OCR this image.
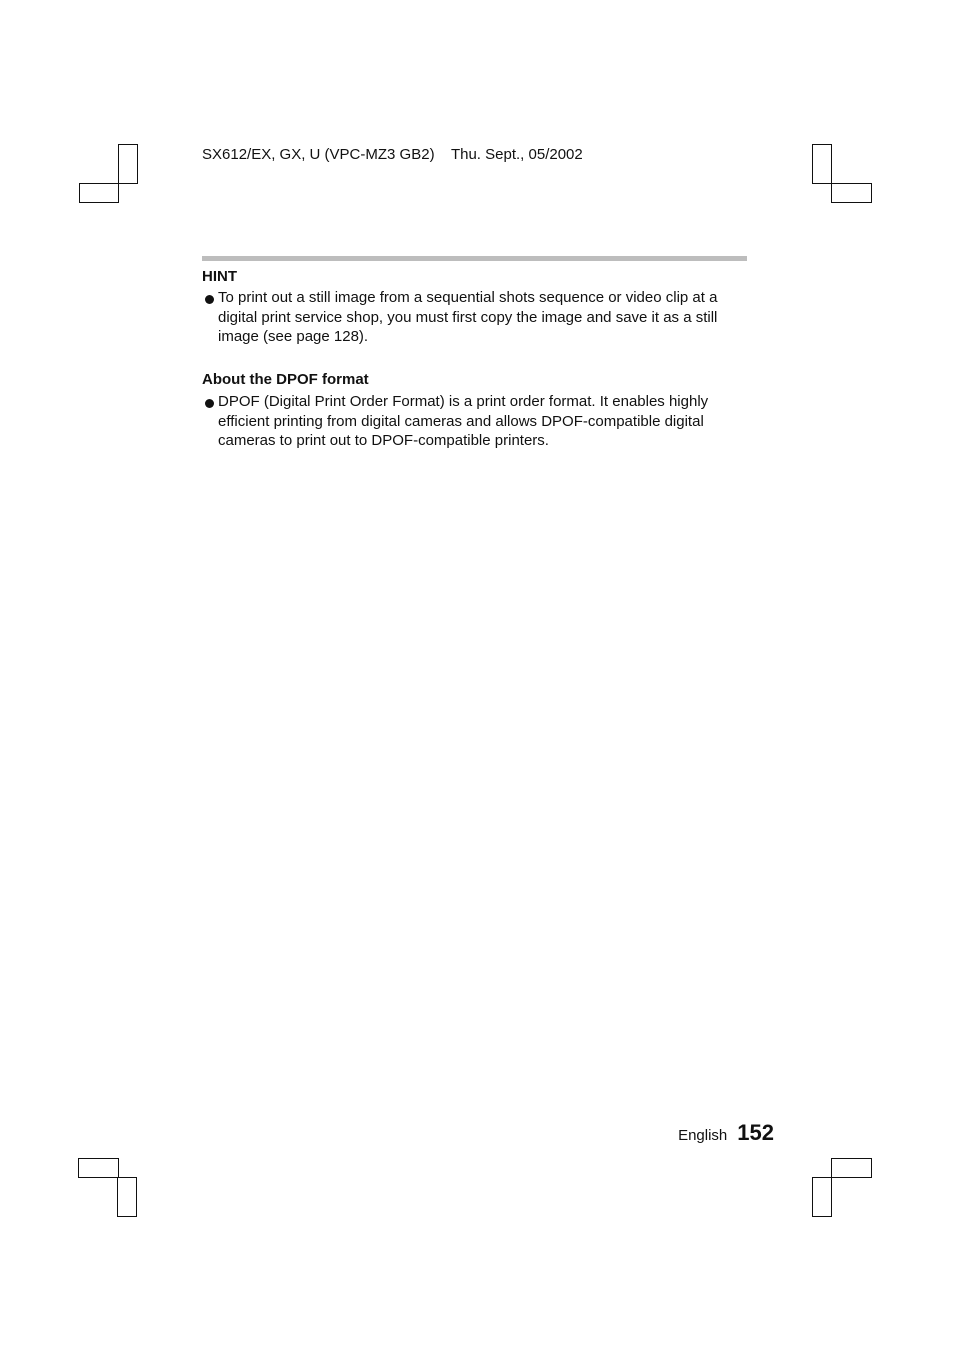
SX612/EX, GX, U (VPC-MZ3 GB2)    Thu. Sept., 05/2002
HINT
To print out a still image from a sequential shots sequence or video clip at a digital print service shop, you must first copy the image and save it as a still image (see page 128).
About the DPOF format
DPOF (Digital Print Order Format) is a print order format. It enables highly efficient printing from digital cameras and allows DPOF-compatible digital cameras to print out to DPOF-compatible printers.
English 152
